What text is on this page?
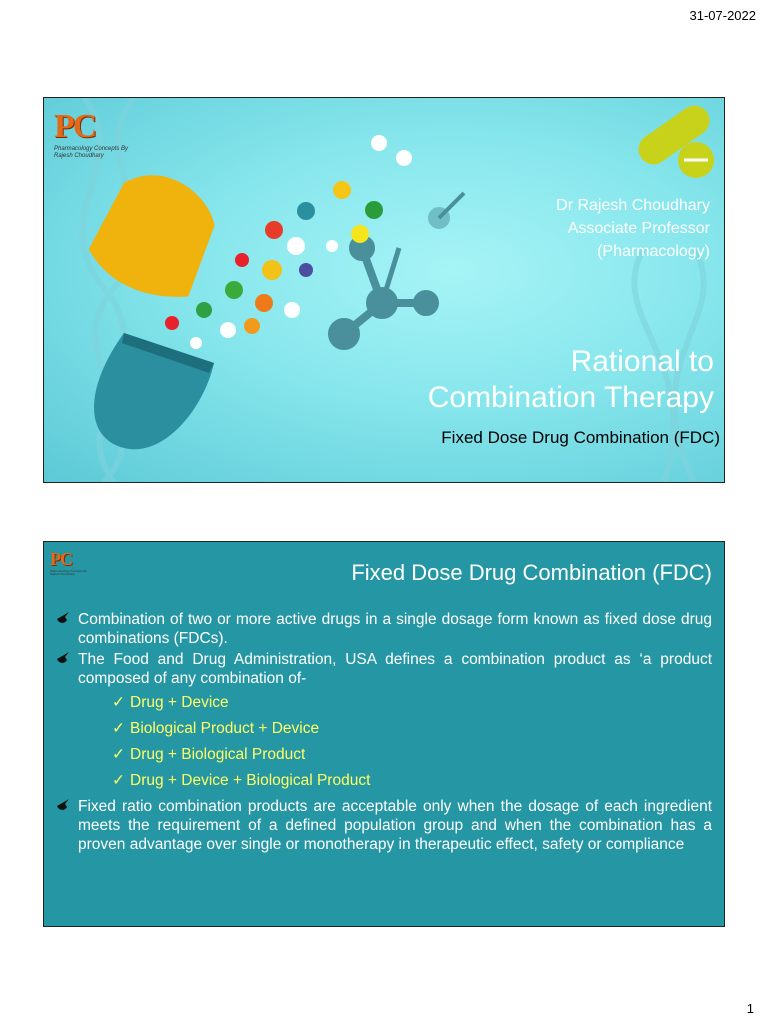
31-07-2022
PC
Pharmacology Concepts By Rajesh Choudhary
Dr Rajesh Choudhary
Associate Professor
(Pharmacology)
Rational to
Combination Therapy
Fixed Dose Drug Combination (FDC)
PC
Pharmacology Concepts By Rajesh Choudhary	Fixed Dose Drug Combination (FDC)
Combination of two or more active drugs in a single dosage form known as fixed dose drug combinations (FDCs).
The Food and Drug Administration, USA defines a combination product as ‘a product composed of any combination of-
✓ Drug + Device
✓ Biological Product + Device
✓ Drug + Biological Product
✓ Drug + Device + Biological Product
Fixed ratio combination products are acceptable only when the dosage of each ingredient meets the requirement of a defined population group and when the combination has a proven advantage over single or monotherapy in therapeutic effect, safety or compliance
1
